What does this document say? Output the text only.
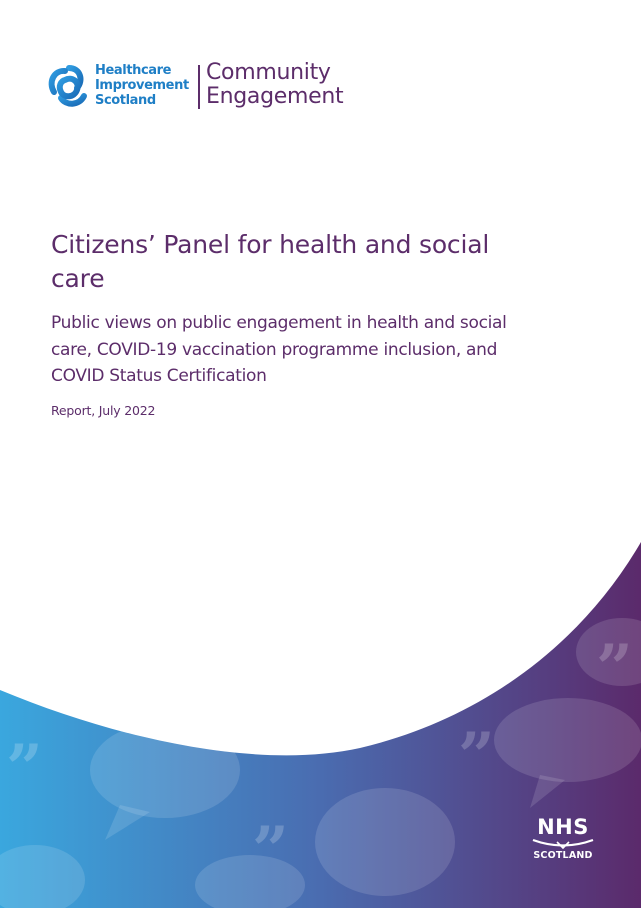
”
”
”
”
Healthcare
Improvement
Scotland
Community
Engagement
Citizens’ Panel for health and social care

Public views on public engagement in health and social care, COVID-19 vaccination programme inclusion, and COVID Status Certification

Report, July 2022

NHS
SCOTLAND
